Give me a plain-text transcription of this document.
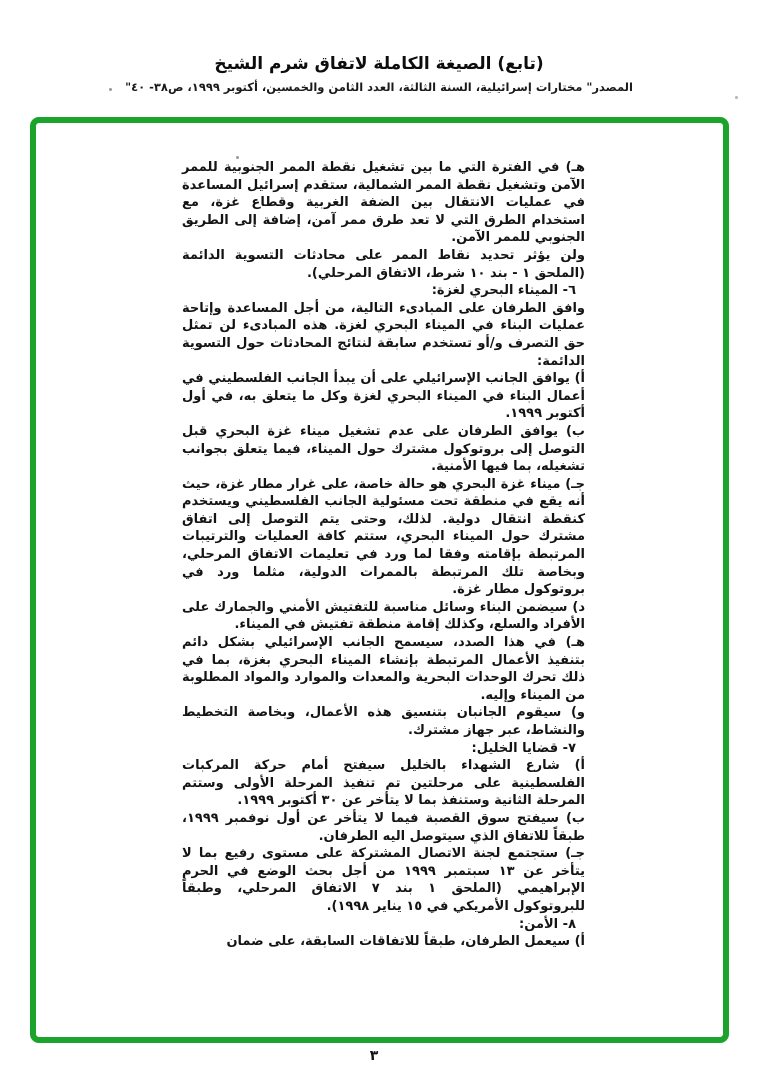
(تابع) الصيغة الكاملة لاتفاق شرم الشيخ

المصدر" مختارات إسرائيلية، السنة الثالثة، العدد الثامن والخمسين، أكتوبر ١٩٩٩، ص٣٨- ٤٠"

هـ) في الفترة التي ما بين تشغيل نقطة الممر الجنوبية للممر الآمن وتشغيل نقطة الممر الشمالية، ستقدم إسرائيل المساعدة في عمليات الانتقال بين الضفة الغربية وقطاع غزة، مع استخدام الطرق التي لا تعد طرق ممر آمن، إضافة إلى الطريق الجنوبي للممر الآمن.

ولن يؤثر تحديد نقاط الممر على محادثات التسوية الدائمة (الملحق ١ - بند ١٠ شرط، الاتفاق المرحلي).

٦- الميناء البحري لغزة:

وافق الطرفان على المبادىء التالية، من أجل المساعدة وإتاحة عمليات البناء في الميناء البحري لغزة. هذه المبادىء لن تمثل حق التصرف و/أو تستخدم سابقة لنتائج المحادثات حول التسوية الدائمة:

أ) يوافق الجانب الإسرائيلي على أن يبدأ الجانب الفلسطيني في أعمال البناء في الميناء البحري لغزة وكل ما يتعلق به، في أول أكتوبر ١٩٩٩.

ب) يوافق الطرفان على عدم تشغيل ميناء غزة البحري قبل التوصل إلى بروتوكول مشترك حول الميناء، فيما يتعلق بجوانب تشغيله، بما فيها الأمنية.

جـ) ميناء غزة البحري هو حالة خاصة، على غرار مطار غزة، حيث أنه يقع في منطقة تحت مسئولية الجانب الفلسطيني ويستخدم كنقطة انتقال دولية. لذلك، وحتى يتم التوصل إلى اتفاق مشترك حول الميناء البحري، ستتم كافة العمليات والترتيبات المرتبطة بإقامته وفقا لما ورد في تعليمات الاتفاق المرحلي، وبخاصة تلك المرتبطة بالممرات الدولية، مثلما ورد في بروتوكول مطار غزة.

د) سيضمن البناء وسائل مناسبة للتفتيش الأمني والجمارك على الأفراد والسلع، وكذلك إقامة منطقة تفتيش في الميناء.

هـ) في هذا الصدد، سيسمح الجانب الإسرائيلي بشكل دائم بتنفيذ الأعمال المرتبطة بإنشاء الميناء البحري بغزة، بما في ذلك تحرك الوحدات البحرية والمعدات والموارد والمواد المطلوبة من الميناء وإليه.

و) سيقوم الجانبان بتنسيق هذه الأعمال، وبخاصة التخطيط والنشاط، عبر جهاز مشترك.

٧- قضايا الخليل:

أ) شارع الشهداء بالخليل سيفتح أمام حركة المركبات الفلسطينية على مرحلتين تم تنفيذ المرحلة الأولى وستتم المرحلة الثانية وستنفذ بما لا يتأخر عن ٣٠ أكتوبر ١٩٩٩.

ب) سيفتح سوق القصبة فيما لا يتأخر عن أول نوفمبر ١٩٩٩، طبقاً للاتفاق الذي سيتوصل اليه الطرفان.

جـ) ستجتمع لجنة الاتصال المشتركة على مستوى رفيع بما لا يتأخر عن ١٣ سبتمبر ١٩٩٩ من أجل بحث الوضع في الحرم الإبراهيمي (الملحق ١ بند ٧ الاتفاق المرحلي، وطبقاً للبروتوكول الأمريكي في ١٥ يناير ١٩٩٨).

٨- الأمن:

أ) سيعمل الطرفان، طبقاً للاتفاقات السابقة، على ضمان

٣
